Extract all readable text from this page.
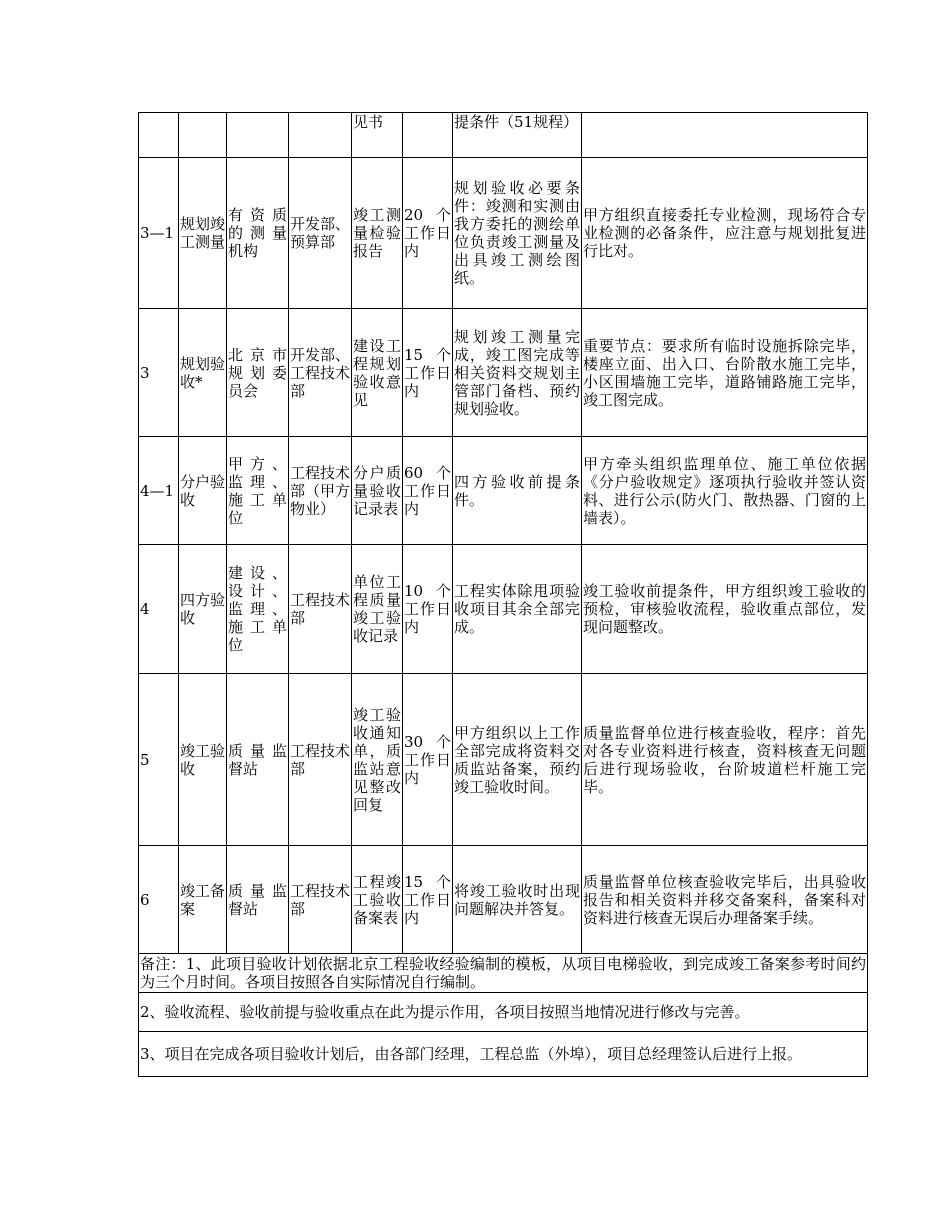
				见书		提条件（51规程）	
3—1	规划竣工测量	有资质的测量机构	开发部、预算部	竣工测量检验报告	20个工作日内	规划验收必要条件：竣测和实测由我方委托的测绘单位负责竣工测量及出具竣工测绘图纸。	甲方组织直接委托专业检测，现场符合专业检测的必备条件，应注意与规划批复进行比对。
3	规划验收*	北京市规划委员会	开发部、工程技术部	建设工程规划验收意见	15个工作日内	规划竣工测量完成，竣工图完成等相关资料交规划主管部门备档、预约规划验收。	重要节点：要求所有临时设施拆除完毕，楼座立面、出入口、台阶散水施工完毕，小区围墙施工完毕，道路铺路施工完毕，竣工图完成。
4—1	分户验收	甲方、监理、施工单位	工程技术部（甲方物业）	分户质量验收记录表	60个工作日内	四方验收前提条件。	甲方牵头组织监理单位、施工单位依据《分户验收规定》逐项执行验收并签认资料、进行公示(防火门、散热器、门窗的上墙表）。
4	四方验收	建设、设计、监理、施工单位	工程技术部	单位工程质量竣工验收记录	10个工作日内	工程实体除甩项验收项目其余全部完成。	竣工验收前提条件，甲方组织竣工验收的预检，审核验收流程，验收重点部位，发现问题整改。
5	竣工验收	质量监督站	工程技术部	竣工验收通知单，质监站意见整改回复	30个工作日内	甲方组织以上工作全部完成将资料交质监站备案，预约竣工验收时间。	质量监督单位进行核查验收，程序：首先对各专业资料进行核查，资料核查无问题后进行现场验收，台阶坡道栏杆施工完毕。
6	竣工备案	质量监督站	工程技术部	工程竣工验收备案表	15个工作日内	将竣工验收时出现问题解决并答复。	质量监督单位核查验收完毕后，出具验收报告和相关资料并移交备案科，备案科对资料进行核查无误后办理备案手续。
备注：1、此项目验收计划依据北京工程验收经验编制的模板，从项目电梯验收，到完成竣工备案参考时间约为三个月时间。各项目按照各自实际情况自行编制。							
2、验收流程、验收前提与验收重点在此为提示作用，各项目按照当地情况进行修改与完善。							
3、项目在完成各项目验收计划后，由各部门经理，工程总监（外埠），项目总经理签认后进行上报。							
